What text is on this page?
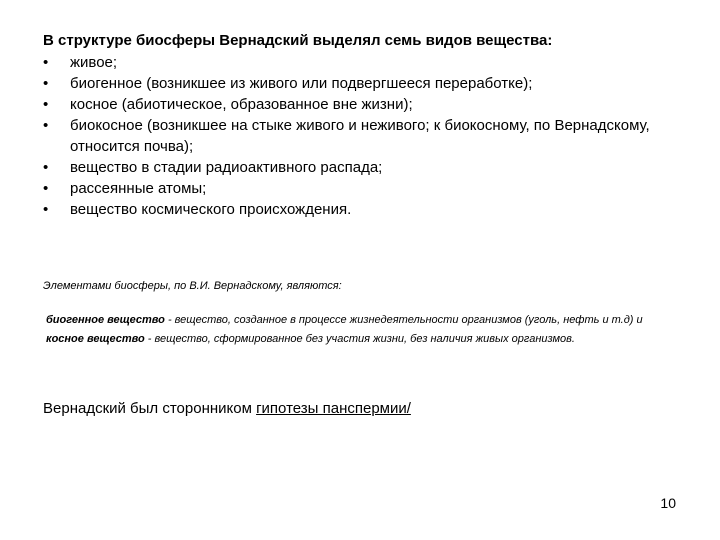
В структуре биосферы Вернадский выделял семь видов вещества:

• живое;
• биогенное (возникшее из живого или подвергшееся переработке);
• косное (абиотическое, образованное вне жизни);
• биокосное (возникшее на стыке живого и неживого; к биокосному, по Вернадскому, относится почва);
• вещество в стадии радиоактивного распада;
• рассеянные атомы;
• вещество космического происхождения.

Элементами биосферы, по В.И. Вернадскому, являются:

биогенное вещество - вещество, созданное в процессе жизнедеятельности организмов (уголь, нефть и т.д) и

косное вещество - вещество, сформированное без участия жизни, без наличия живых организмов.

Вернадский был сторонником гипотезы панспермии/

10
